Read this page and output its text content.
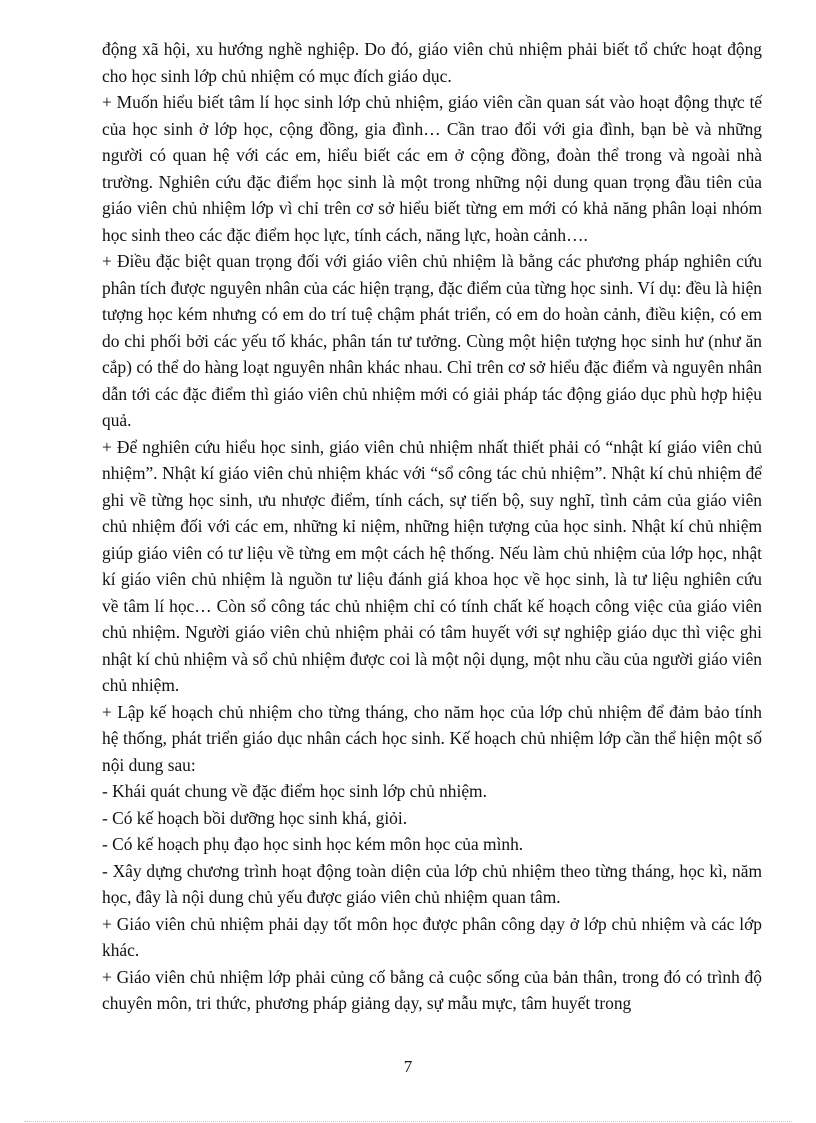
động xã hội, xu hướng nghề nghiệp. Do đó, giáo viên chủ nhiệm phải biết tổ chức hoạt động cho học sinh lớp chủ nhiệm có mục đích giáo dục.

+ Muốn hiểu biết tâm lí học sinh lớp chủ nhiệm, giáo viên cần quan sát vào hoạt động thực tế của học sinh ở lớp học, cộng đồng, gia đình… Cần trao đổi với gia đình, bạn bè và những người có quan hệ với các em, hiểu biết các em ở cộng đồng, đoàn thể trong và ngoài nhà trường. Nghiên cứu đặc điểm học sinh là một trong những nội dung quan trọng đầu tiên của giáo viên chủ nhiệm lớp vì chỉ trên cơ sở hiểu biết từng em mới có khả năng phân loại nhóm học sinh theo các đặc điểm học lực, tính cách, năng lực, hoàn cảnh….

+ Điều đặc biệt quan trọng đối với giáo viên chủ nhiệm là bằng các phương pháp nghiên cứu phân tích được nguyên nhân của các hiện trạng, đặc điểm của từng học sinh. Ví dụ: đều là hiện tượng học kém nhưng có em do trí tuệ chậm phát triển, có em do hoàn cảnh, điều kiện, có em do chi phối bởi các yếu tố khác, phân tán tư tưởng. Cùng một hiện tượng học sinh hư (như ăn cắp) có thể do hàng loạt nguyên nhân khác nhau. Chỉ trên cơ sở hiểu đặc điểm và nguyên nhân dẫn tới các đặc điểm thì giáo viên chủ nhiệm mới có giải pháp tác động giáo dục phù hợp hiệu quả.

+ Để nghiên cứu hiểu học sinh, giáo viên chủ nhiệm nhất thiết phải có “nhật kí giáo viên chủ nhiệm”. Nhật kí giáo viên chủ nhiệm khác với “sổ công tác chủ nhiệm”. Nhật kí chủ nhiệm để ghi về từng học sinh, ưu nhược điểm, tính cách, sự tiến bộ, suy nghĩ, tình cảm của giáo viên chủ nhiệm đối với các em, những kỉ niệm, những hiện tượng của học sinh. Nhật kí chủ nhiệm giúp giáo viên có tư liệu về từng em một cách hệ thống. Nếu làm chủ nhiệm của lớp học, nhật kí giáo viên chủ nhiệm là nguồn tư liệu đánh giá khoa học về học sinh, là tư liệu nghiên cứu về tâm lí học… Còn sổ công tác chủ nhiệm chỉ có tính chất kế hoạch công việc của giáo viên chủ nhiệm. Người giáo viên chủ nhiệm phải có tâm huyết với sự nghiệp giáo dục thì việc ghi nhật kí chủ nhiệm và sổ chủ nhiệm được coi là một nội dụng, một nhu cầu của người giáo viên chủ nhiệm.

+ Lập kế hoạch chủ nhiệm cho từng tháng, cho năm học của lớp chủ nhiệm để đảm bảo tính hệ thống, phát triển giáo dục nhân cách học sinh. Kế hoạch chủ nhiệm lớp cần thể hiện một số nội dung sau:

- Khái quát chung về đặc điểm học sinh lớp chủ nhiệm.

- Có kế hoạch bồi dưỡng học sinh khá, giỏi.

- Có kế hoạch phụ đạo học sinh học kém môn học của mình.

- Xây dựng chương trình hoạt động toàn diện của lớp chủ nhiệm theo từng tháng, học kì, năm học, đây là nội dung chủ yếu được giáo viên chủ nhiệm quan tâm.

+ Giáo viên chủ nhiệm phải dạy tốt môn học được phân công dạy ở lớp chủ nhiệm và các lớp khác.

+ Giáo viên chủ nhiệm lớp phải củng cố bằng cả cuộc sống của bản thân, trong đó có trình độ chuyên môn, tri thức, phương pháp giảng dạy, sự mẫu mực, tâm huyết trong

7
